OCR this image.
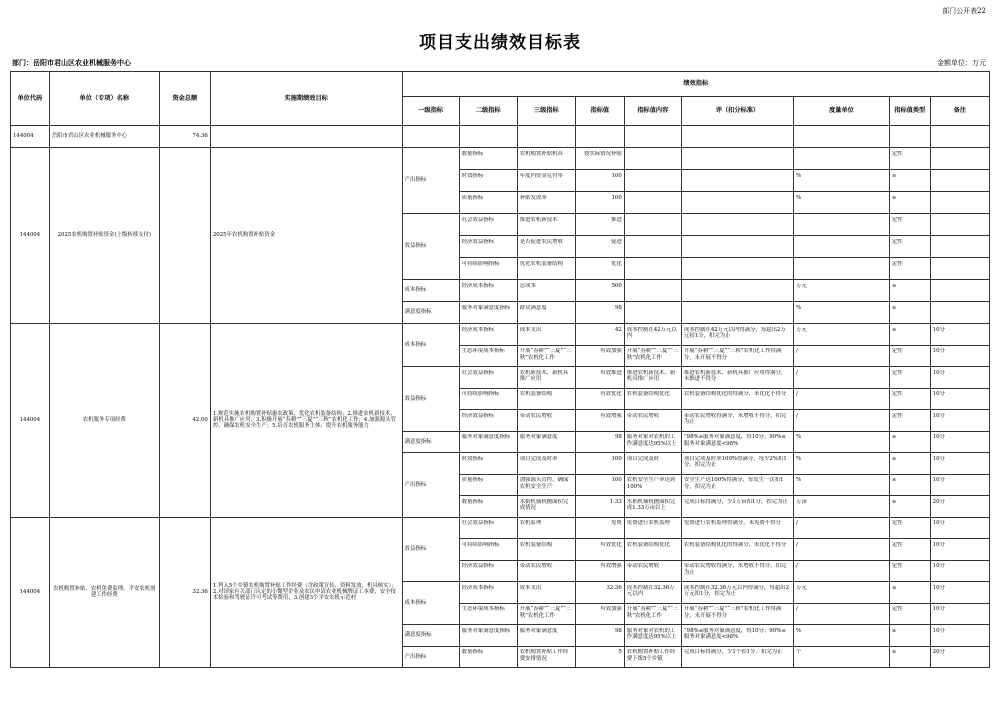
部门公开表22
项目支出绩效目标表
部门：岳阳市君山区农业机械服务中心	金额单位：万元
单位代码	单位（专项）名称	资金总额	实施期绩效目标	绩效指标								
				一级指标	二级指标	三级指标	指标值	指标值内容	评（扣分标准）	度量单位	指标值类型	备注
144004	岳阳市君山区农业机械服务中心	74.36										
144004	2025农机购置补贴资金(上级转移支付)		2025年农机购置补贴资金	产出指标	数量指标	农机购置补贴机具	按实际情况补贴				定性	

					时效指标	年度内资金兑付率	100			%	≥	

					质量指标	补贴发放率	100			%	≥	

				效益指标	社会效益指标	推进农机新技术	推进				定性	

					经济效益指标	是否促进农民增收	促进				定性	

					可持续影响指标	优化农机装备结构	优化				定性	

				成本指标	经济成本指标	总成本	500			万元	≤	

				满意度指标	服务对象满意度指标	群众满意度	98			%	≥	

144004	农机服务专项经费	42.00	1.规范实施农机购置补贴惠农政策，优化农机装备结构；2.推进农机新技术、新机具推广应用；3.积极开展“春耕”“三夏”“三秋”农机化工作；4.加强源头管控，确保农机安全生产；5.培育农机服务主体，提升农机服务能力	成本指标	经济成本指标	成本支出	42	成本控制在42万元以内	成本控制在42万元以内得满分，每超出2万元扣1分，扣完为止	万元	≤	10分

					生态环境成本指标	开展“春耕”“三夏”“三秋”农机化工作	有效加强	开展“春耕”“三夏”“三秋”农机化工作	开展“春耕”“三夏”“三秋”农机化工作得满分，未开展不得分	/	定性	10分

				效益指标	社会效益指标	农机新技术，新机具推广应用	有效推进	推进农机新技术、新机具推广应用	推进农机新技术、新机具推广应用得满分，未推进不得分	/	定性	10分

					可持续影响指标	农机装备结构	有效优化	农机装备结构优化	农机装备结构优化的得满分，未优化不得分	/	定性	10分

					经济效益指标	带动农民增收	有效增强	带动农民增收	带动农民增收得满分，未增收不得分，扣完为止	/	定性	10分

				满意度指标	服务对象满意度指标	服务对象满意度	98	服务对象对农机的工作满意度达95%以上	“98%≤服务对象满意度，得10分；90%≤服务对象满意度<98%	%	≥	10分

				产出指标	时效指标	项目完成及时率	100	项目完成及时	项目完成及时率100%得满分，每少2%扣1分，扣完为止	%	≥	10分

					质量指标	加强源头管控，确保农机安全生产	100	农机安全生产率达到100%	安全生产达100%得满分，每发生一次扣1分，扣完为止	%	≥	10分

					数量指标	水稻机插机抛面积完成情况	1.33	水稻机插机抛面积完成1.33万亩以上	完成目标得满分，少1万亩扣1分，扣完为止	万亩	≥	20分

144004	农机购置补贴、农机免费监理、平安农机创建工作经费	32.36	1.列入5个乡镇农机购置补贴工作经费（含政策宣传、资料发放、机具核实）；2.对国家有关部门认定的小微型企业及农民申请农业机械牌证工本费，安全技术检验和驾驶证许可考试等费用；3.创建3个平安农机示范村	效益指标	社会效益指标	农机监理	免费	免费进行农机监理	免费进行农机监理得满分，未免费不得分	/	定性	10分

					可持续影响指标	农机装备结构	有效优化	农机装备结构优化	农机装备结构优化的得满分，未优化不得分	/	定性	10分

					经济效益指标	带动农民增收	有效增强	带动农民增收	带动农民增收得满分，未增收不得分，扣完为止	/	定性	10分

				成本指标	经济成本指标	成本支出	32.36	成本控制在32.36万元以内	成本控制在32.36万元以内得满分，每超出2万元扣1分，扣完为止	万元	≤	10分

					生态环境成本指标	开展“春耕”“三夏”“三秋”农机化工作	有效加强	开展“春耕”“三夏”“三秋”农机化工作	开展“春耕”“三夏”“三秋”农机化工作得满分，未开展不得分	/	定性	10分

				满意度指标	服务对象满意度指标	服务对象满意度	98	服务对象对农机的工作满意度达95%以上	“98%≤服务对象满意度，得10分；90%≤服务对象满意度<98%	%	≥	10分

				产出指标	数量指标	农机购置补贴工作经费安排情况	5	农机购置补贴工作经费下拨5个乡镇	完成目标得满分，少1个扣1分，扣完为止	个	≥	20分
